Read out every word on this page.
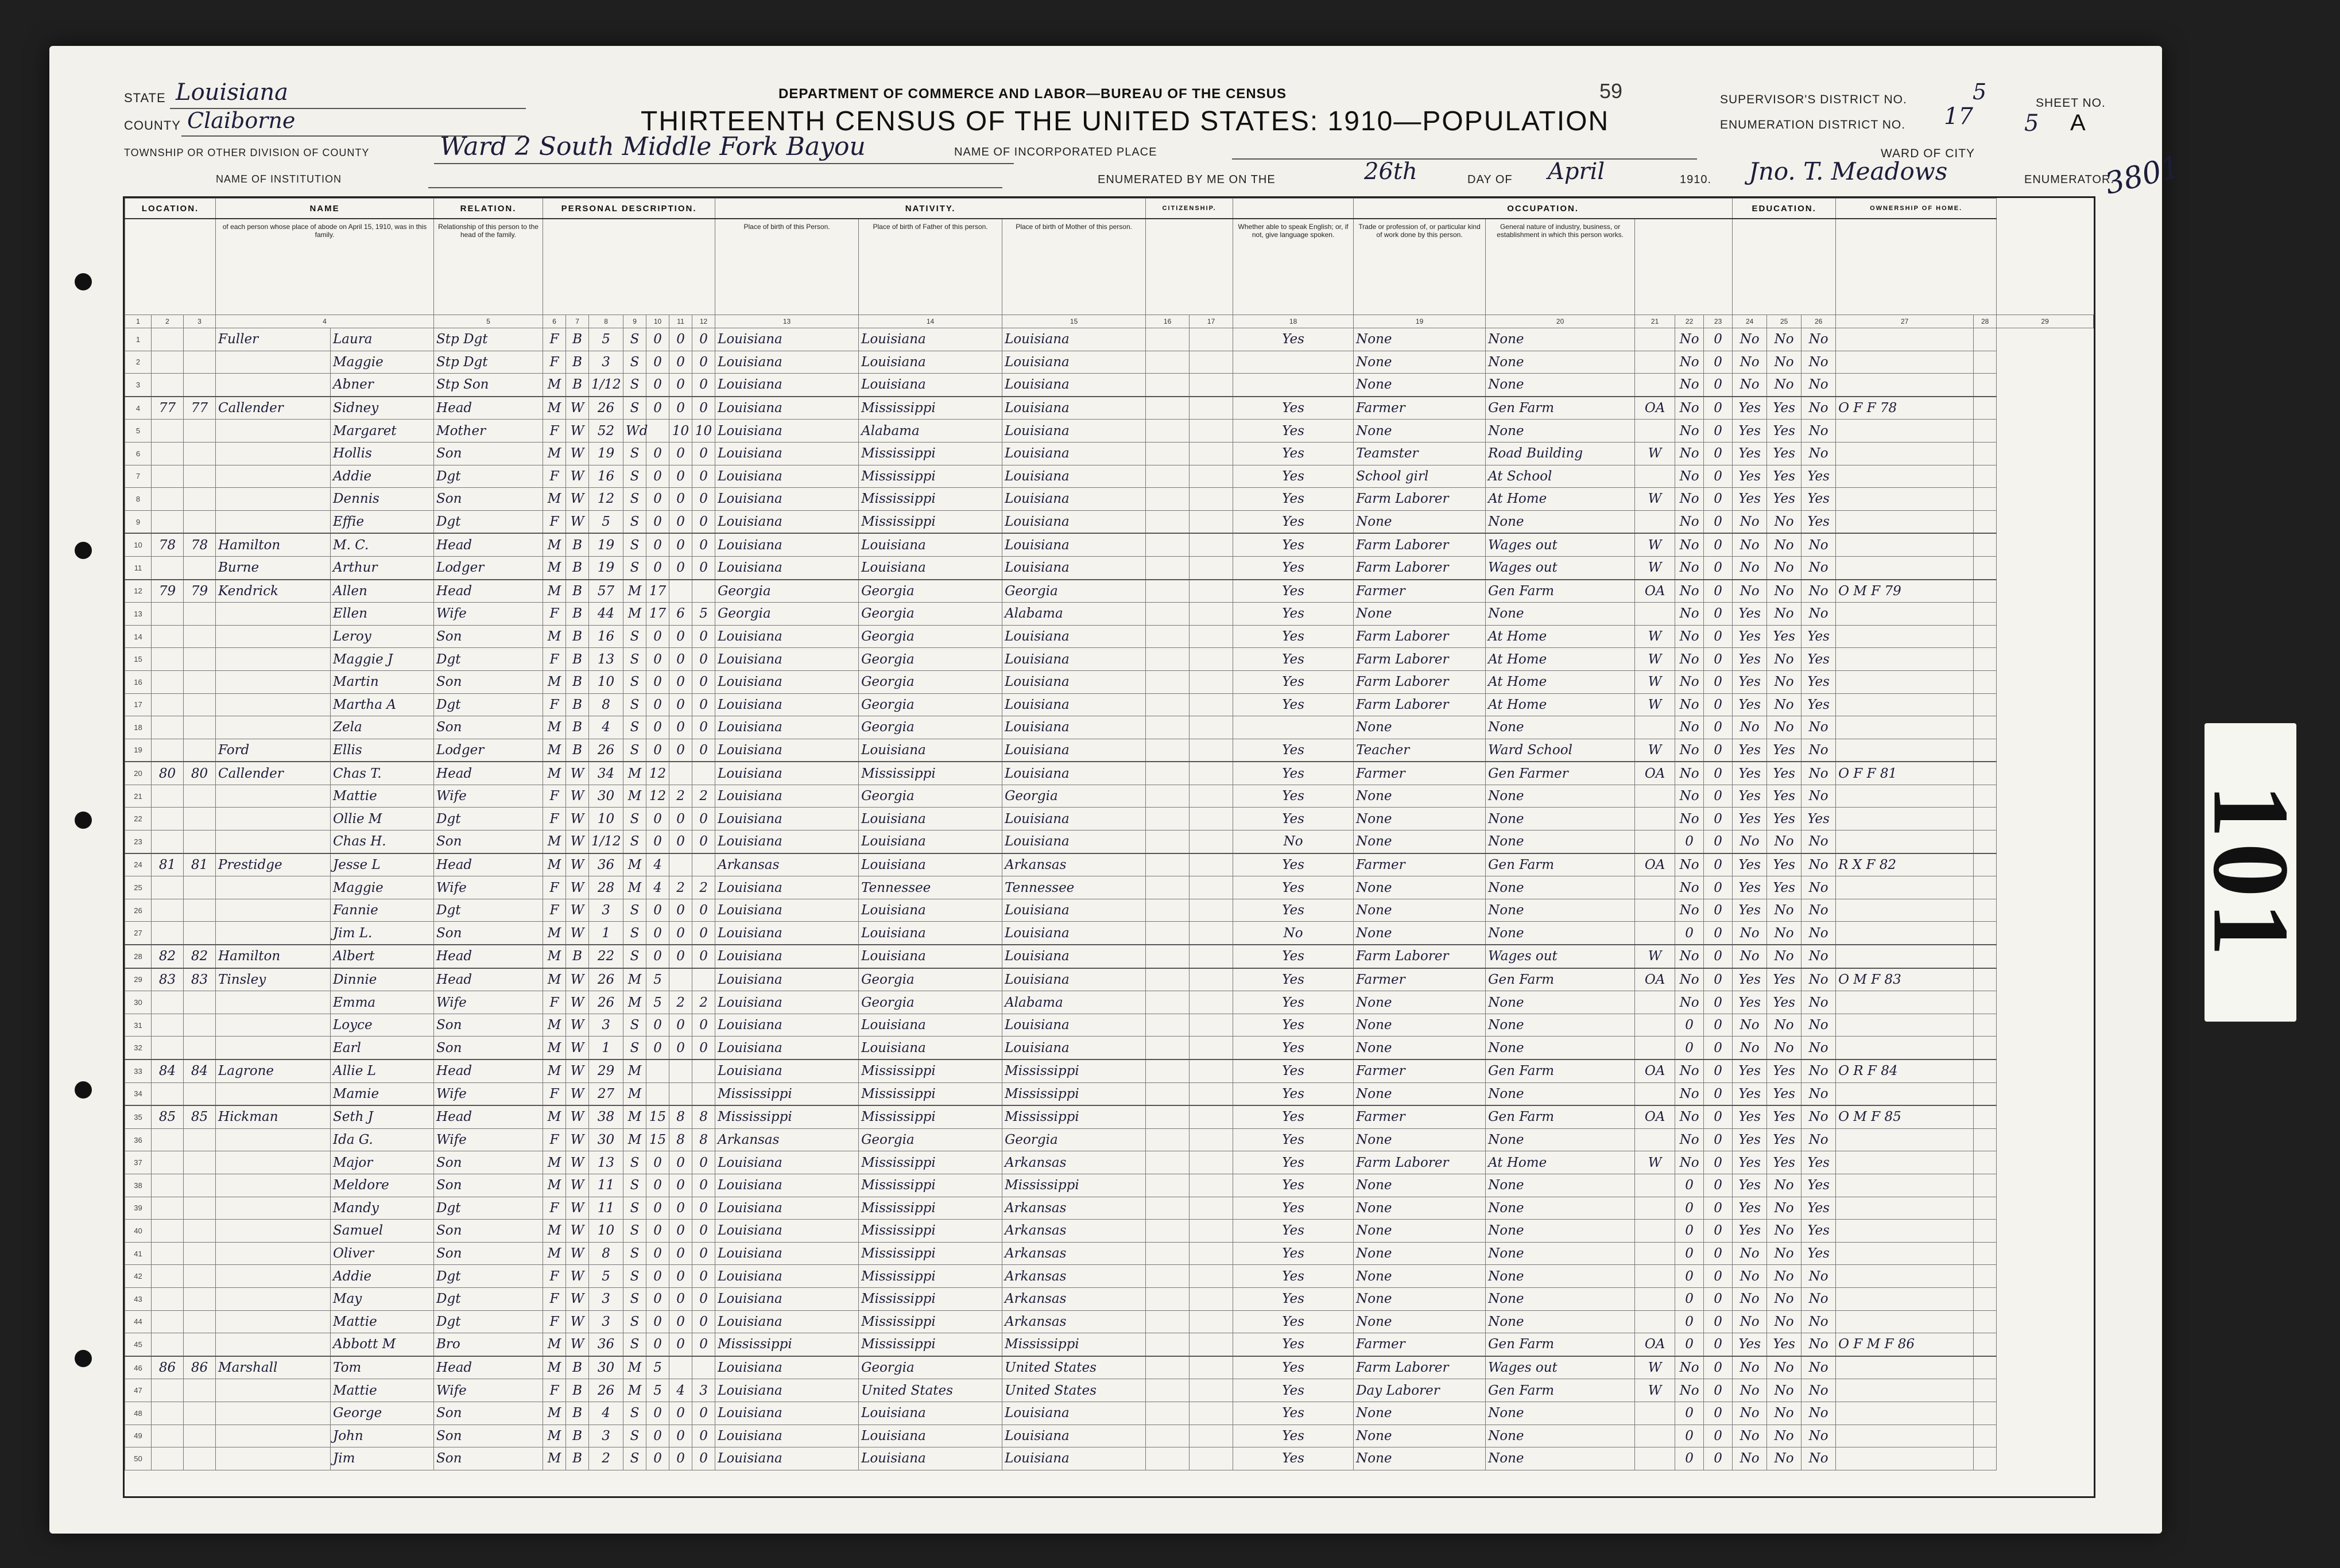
STATE Louisiana
COUNTY Claiborne
TOWNSHIP OR OTHER DIVISION OF COUNTY	Ward 2 South Middle Fork Bayou
NAME OF INSTITUTION
DEPARTMENT OF COMMERCE AND LABOR—BUREAU OF THE CENSUS
THIRTEENTH CENSUS OF THE UNITED STATES: 1910—POPULATION
59
NAME OF INCORPORATED PLACE
ENUMERATED BY ME ON THE	26th	DAY OF April	1910. Jno. T. Meadows	ENUMERATOR.
3801
SUPERVISOR'S DISTRICT NO.	5
ENUMERATION DISTRICT NO. 17
SHEET NO.
5 A
WARD OF CITY
LOCATION.			NAME		RELATION.	PERSONAL DESCRIPTION.							NATIVITY.			CITIZENSHIP.			OCCUPATION.					EDUCATION.			OWNERSHIP OF HOME.		
			of each person whose place of abode on April 15, 1910, was in this family.		Relationship of this person to the head of the family.								Place of birth of this Person.	Place of birth of Father of this person.	Place of birth of Mother of this person.			Whether able to speak English; or, if not, give language spoken.	Trade or profession of, or particular kind of work done by this person.	General nature of industry, business, or establishment in which this person works.									
1	2	3	4		5	6	7	8	9	10	11	12	13	14	15	16	17	18	19	20	21	22	23	24	25	26	27	28	29
1			Fuller	Laura	Stp Dgt	F	B	5	S	0	0	0	Louisiana	Louisiana	Louisiana			Yes	None	None		No	0	No	No	No			
2				Maggie	Stp Dgt	F	B	3	S	0	0	0	Louisiana	Louisiana	Louisiana				None	None		No	0	No	No	No			
3				Abner	Stp Son	M	B	1/12	S	0	0	0	Louisiana	Louisiana	Louisiana				None	None		No	0	No	No	No			
4	77	77	Callender	Sidney	Head	M	W	26	S	0	0	0	Louisiana	Mississippi	Louisiana			Yes	Farmer	Gen Farm	OA	No	0	Yes	Yes	No	O F F 78		
5				Margaret	Mother	F	W	52	Wd		10	10	Louisiana	Alabama	Louisiana			Yes	None	None		No	0	Yes	Yes	No			
6				Hollis	Son	M	W	19	S	0	0	0	Louisiana	Mississippi	Louisiana			Yes	Teamster	Road Building	W	No	0	Yes	Yes	No			
7				Addie	Dgt	F	W	16	S	0	0	0	Louisiana	Mississippi	Louisiana			Yes	School girl	At School		No	0	Yes	Yes	Yes			
8				Dennis	Son	M	W	12	S	0	0	0	Louisiana	Mississippi	Louisiana			Yes	Farm Laborer	At Home	W	No	0	Yes	Yes	Yes			
9				Effie	Dgt	F	W	5	S	0	0	0	Louisiana	Mississippi	Louisiana			Yes	None	None		No	0	No	No	Yes			
10	78	78	Hamilton	M. C.	Head	M	B	19	S	0	0	0	Louisiana	Louisiana	Louisiana			Yes	Farm Laborer	Wages out	W	No	0	No	No	No			
11			Burne	Arthur	Lodger	M	B	19	S	0	0	0	Louisiana	Louisiana	Louisiana			Yes	Farm Laborer	Wages out	W	No	0	No	No	No			
12	79	79	Kendrick	Allen	Head	M	B	57	M	17			Georgia	Georgia	Georgia			Yes	Farmer	Gen Farm	OA	No	0	No	No	No	O M F 79		
13				Ellen	Wife	F	B	44	M	17	6	5	Georgia	Georgia	Alabama			Yes	None	None		No	0	Yes	No	No			
14				Leroy	Son	M	B	16	S	0	0	0	Louisiana	Georgia	Louisiana			Yes	Farm Laborer	At Home	W	No	0	Yes	Yes	Yes			
15				Maggie J	Dgt	F	B	13	S	0	0	0	Louisiana	Georgia	Louisiana			Yes	Farm Laborer	At Home	W	No	0	Yes	No	Yes			
16				Martin	Son	M	B	10	S	0	0	0	Louisiana	Georgia	Louisiana			Yes	Farm Laborer	At Home	W	No	0	Yes	No	Yes			
17				Martha A	Dgt	F	B	8	S	0	0	0	Louisiana	Georgia	Louisiana			Yes	Farm Laborer	At Home	W	No	0	Yes	No	Yes			
18				Zela	Son	M	B	4	S	0	0	0	Louisiana	Georgia	Louisiana				None	None		No	0	No	No	No			
19			Ford	Ellis	Lodger	M	B	26	S	0	0	0	Louisiana	Louisiana	Louisiana			Yes	Teacher	Ward School	W	No	0	Yes	Yes	No			
20	80	80	Callender	Chas T.	Head	M	W	34	M	12			Louisiana	Mississippi	Louisiana			Yes	Farmer	Gen Farmer	OA	No	0	Yes	Yes	No	O F F 81		
21				Mattie	Wife	F	W	30	M	12	2	2	Louisiana	Georgia	Georgia			Yes	None	None		No	0	Yes	Yes	No			
22				Ollie M	Dgt	F	W	10	S	0	0	0	Louisiana	Louisiana	Louisiana			Yes	None	None		No	0	Yes	Yes	Yes			
23				Chas H.	Son	M	W	1/12	S	0	0	0	Louisiana	Louisiana	Louisiana			No	None	None		0	0	No	No	No			
24	81	81	Prestidge	Jesse L	Head	M	W	36	M	4			Arkansas	Louisiana	Arkansas			Yes	Farmer	Gen Farm	OA	No	0	Yes	Yes	No	R X F 82		
25				Maggie	Wife	F	W	28	M	4	2	2	Louisiana	Tennessee	Tennessee			Yes	None	None		No	0	Yes	Yes	No			
26				Fannie	Dgt	F	W	3	S	0	0	0	Louisiana	Louisiana	Louisiana			Yes	None	None		No	0	Yes	No	No			
27				Jim L.	Son	M	W	1	S	0	0	0	Louisiana	Louisiana	Louisiana			No	None	None		0	0	No	No	No			
28	82	82	Hamilton	Albert	Head	M	B	22	S	0	0	0	Louisiana	Louisiana	Louisiana			Yes	Farm Laborer	Wages out	W	No	0	No	No	No			
29	83	83	Tinsley	Dinnie	Head	M	W	26	M	5			Louisiana	Georgia	Louisiana			Yes	Farmer	Gen Farm	OA	No	0	Yes	Yes	No	O M F 83		
30				Emma	Wife	F	W	26	M	5	2	2	Louisiana	Georgia	Alabama			Yes	None	None		No	0	Yes	Yes	No			
31				Loyce	Son	M	W	3	S	0	0	0	Louisiana	Louisiana	Louisiana			Yes	None	None		0	0	No	No	No			
32				Earl	Son	M	W	1	S	0	0	0	Louisiana	Louisiana	Louisiana			Yes	None	None		0	0	No	No	No			
33	84	84	Lagrone	Allie L	Head	M	W	29	M				Louisiana	Mississippi	Mississippi			Yes	Farmer	Gen Farm	OA	No	0	Yes	Yes	No	O R F 84		
34				Mamie	Wife	F	W	27	M				Mississippi	Mississippi	Mississippi			Yes	None	None		No	0	Yes	Yes	No			
35	85	85	Hickman	Seth J	Head	M	W	38	M	15	8	8	Mississippi	Mississippi	Mississippi			Yes	Farmer	Gen Farm	OA	No	0	Yes	Yes	No	O M F 85		
36				Ida G.	Wife	F	W	30	M	15	8	8	Arkansas	Georgia	Georgia			Yes	None	None		No	0	Yes	Yes	No			
37				Major	Son	M	W	13	S	0	0	0	Louisiana	Mississippi	Arkansas			Yes	Farm Laborer	At Home	W	No	0	Yes	Yes	Yes			
38				Meldore	Son	M	W	11	S	0	0	0	Louisiana	Mississippi	Mississippi			Yes	None	None		0	0	Yes	No	Yes			
39				Mandy	Dgt	F	W	11	S	0	0	0	Louisiana	Mississippi	Arkansas			Yes	None	None		0	0	Yes	No	Yes			
40				Samuel	Son	M	W	10	S	0	0	0	Louisiana	Mississippi	Arkansas			Yes	None	None		0	0	Yes	No	Yes			
41				Oliver	Son	M	W	8	S	0	0	0	Louisiana	Mississippi	Arkansas			Yes	None	None		0	0	No	No	Yes			
42				Addie	Dgt	F	W	5	S	0	0	0	Louisiana	Mississippi	Arkansas			Yes	None	None		0	0	No	No	No			
43				May	Dgt	F	W	3	S	0	0	0	Louisiana	Mississippi	Arkansas			Yes	None	None		0	0	No	No	No			
44				Mattie	Dgt	F	W	3	S	0	0	0	Louisiana	Mississippi	Arkansas			Yes	None	None		0	0	No	No	No			
45				Abbott M	Bro	M	W	36	S	0	0	0	Mississippi	Mississippi	Mississippi			Yes	Farmer	Gen Farm	OA	0	0	Yes	Yes	No	O F M F 86		
46	86	86	Marshall	Tom	Head	M	B	30	M	5			Louisiana	Georgia	United States			Yes	Farm Laborer	Wages out	W	No	0	No	No	No			
47				Mattie	Wife	F	B	26	M	5	4	3	Louisiana	United States	United States			Yes	Day Laborer	Gen Farm	W	No	0	No	No	No			
48				George	Son	M	B	4	S	0	0	0	Louisiana	Louisiana	Louisiana			Yes	None	None		0	0	No	No	No			
49				John	Son	M	B	3	S	0	0	0	Louisiana	Louisiana	Louisiana			Yes	None	None		0	0	No	No	No			
50				Jim	Son	M	B	2	S	0	0	0	Louisiana	Louisiana	Louisiana			Yes	None	None		0	0	No	No	No			
101
